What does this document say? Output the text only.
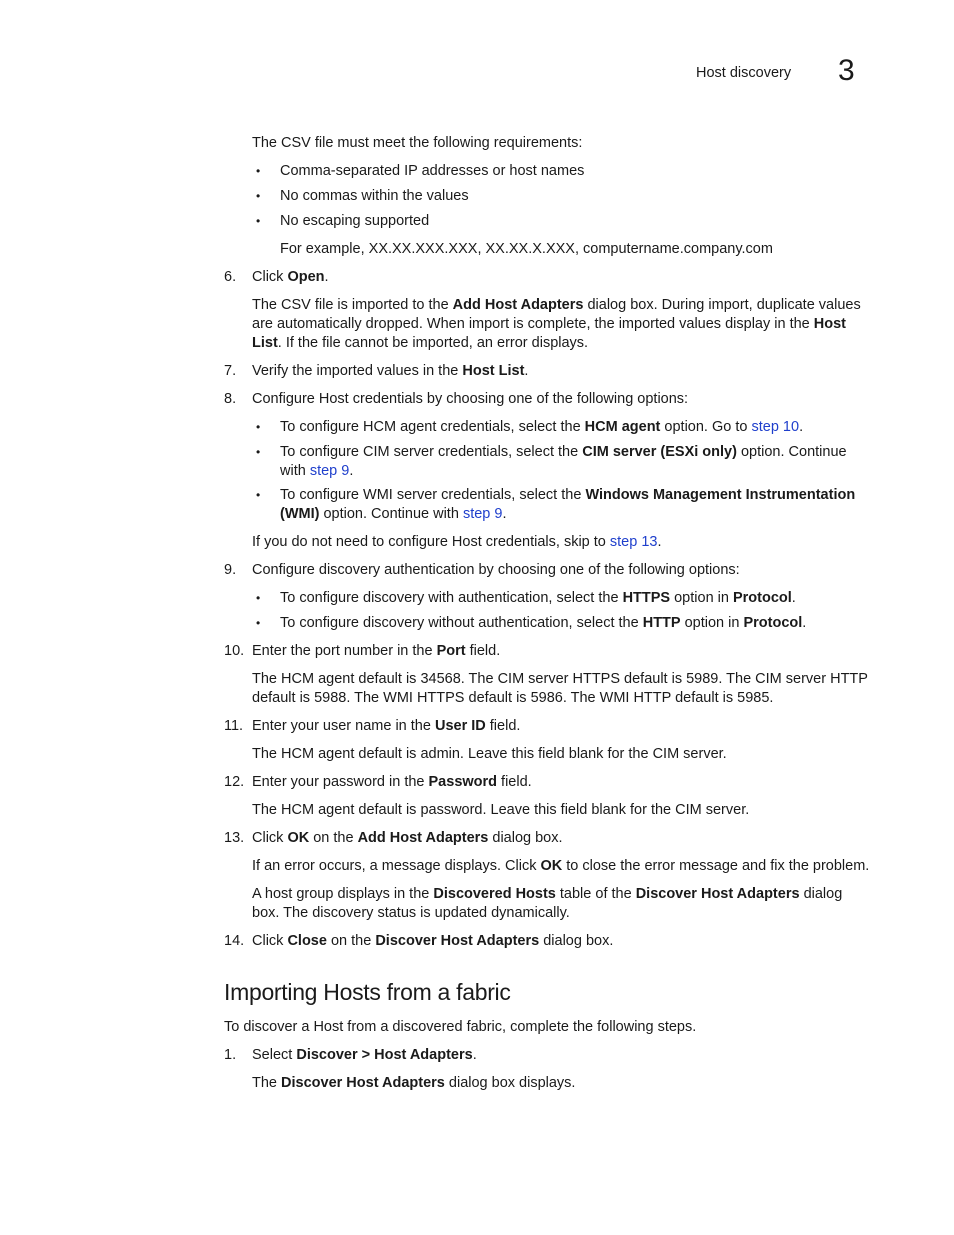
Host discovery 3

The CSV file must meet the following requirements:

• Comma-separated IP addresses or host names

• No commas within the values

• No escaping supported

For example, XX.XX.XXX.XXX, XX.XX.X.XXX, computername.company.com

6. Click Open.

The CSV file is imported to the Add Host Adapters dialog box. During import, duplicate values are automatically dropped. When import is complete, the imported values display in the Host List. If the file cannot be imported, an error displays.

7. Verify the imported values in the Host List.

8. Configure Host credentials by choosing one of the following options:

• To configure HCM agent credentials, select the HCM agent option. Go to step 10.

• To configure CIM server credentials, select the CIM server (ESXi only) option. Continue with step 9.

• To configure WMI server credentials, select the Windows Management Instrumentation (WMI) option. Continue with step 9.

If you do not need to configure Host credentials, skip to step 13.

9. Configure discovery authentication by choosing one of the following options:

• To configure discovery with authentication, select the HTTPS option in Protocol.

• To configure discovery without authentication, select the HTTP option in Protocol.

10. Enter the port number in the Port field.

The HCM agent default is 34568. The CIM server HTTPS default is 5989. The CIM server HTTP default is 5988. The WMI HTTPS default is 5986. The WMI HTTP default is 5985.

11. Enter your user name in the User ID field.

The HCM agent default is admin. Leave this field blank for the CIM server.

12. Enter your password in the Password field.

The HCM agent default is password. Leave this field blank for the CIM server.

13. Click OK on the Add Host Adapters dialog box.

If an error occurs, a message displays. Click OK to close the error message and fix the problem.

A host group displays in the Discovered Hosts table of the Discover Host Adapters dialog box. The discovery status is updated dynamically.

14. Click Close on the Discover Host Adapters dialog box.

Importing Hosts from a fabric

To discover a Host from a discovered fabric, complete the following steps.

1. Select Discover > Host Adapters.

The Discover Host Adapters dialog box displays.
